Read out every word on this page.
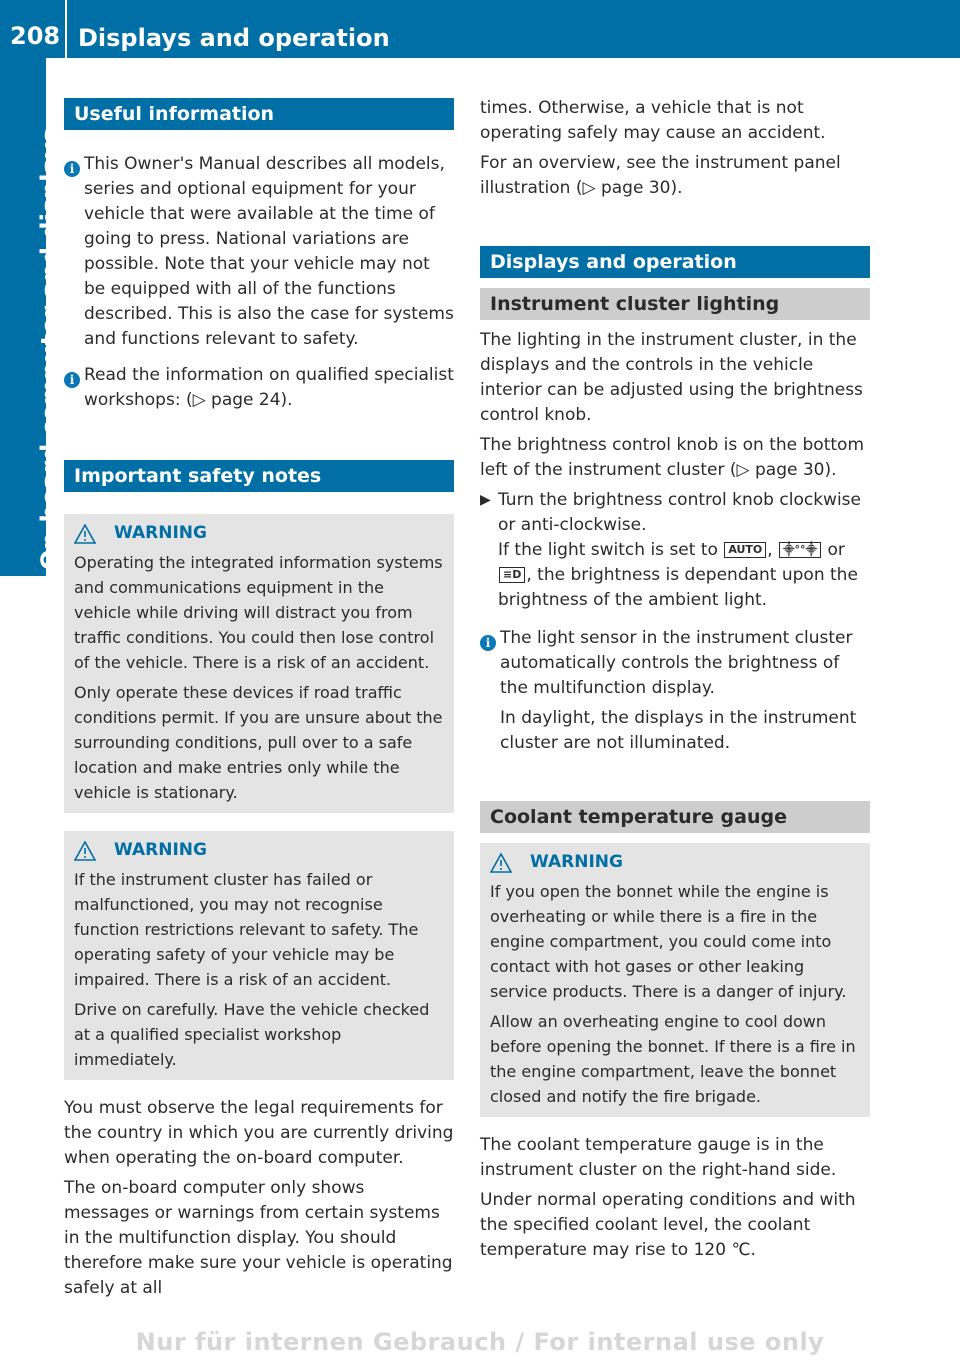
208 Displays and operation
On-board computer and displays
Useful information
i This Owner's Manual describes all models, series and optional equipment for your vehicle that were available at the time of going to press. National variations are possible. Note that your vehicle may not be equipped with all of the functions described. This is also the case for systems and functions relevant to safety.
i Read the information on qualified specialist workshops: (▷ page 24).
Important safety notes
WARNING
Operating the integrated information systems and communications equipment in the vehicle while driving will distract you from traffic conditions. You could then lose control of the vehicle. There is a risk of an accident.
Only operate these devices if road traffic conditions permit. If you are unsure about the surrounding conditions, pull over to a safe location and make entries only while the vehicle is stationary.
WARNING
If the instrument cluster has failed or malfunctioned, you may not recognise function restrictions relevant to safety. The operating safety of your vehicle may be impaired. There is a risk of an accident.
Drive on carefully. Have the vehicle checked at a qualified specialist workshop immediately.
You must observe the legal requirements for the country in which you are currently driving when operating the on-board computer.
The on-board computer only shows messages or warnings from certain systems in the multifunction display. You should therefore make sure your vehicle is operating safely at all
times. Otherwise, a vehicle that is not operating safely may cause an accident.
For an overview, see the instrument panel illustration (▷ page 30).
Displays and operation
Instrument cluster lighting
The lighting in the instrument cluster, in the displays and the controls in the vehicle interior can be adjusted using the brightness control knob.
The brightness control knob is on the bottom left of the instrument cluster (▷ page 30).
▶ Turn the brightness control knob clockwise or anti-clockwise.
If the light switch is set to AUTO , ⸎°°⸎ or ≡D , the brightness is dependant upon the brightness of the ambient light.
i The light sensor in the instrument cluster automatically controls the brightness of the multifunction display.
In daylight, the displays in the instrument cluster are not illuminated.
Coolant temperature gauge
WARNING
If you open the bonnet while the engine is overheating or while there is a fire in the engine compartment, you could come into contact with hot gases or other leaking service products. There is a danger of injury.
Allow an overheating engine to cool down before opening the bonnet. If there is a fire in the engine compartment, leave the bonnet closed and notify the fire brigade.
The coolant temperature gauge is in the instrument cluster on the right-hand side.
Under normal operating conditions and with the specified coolant level, the coolant temperature may rise to 120 ℃.
Nur für internen Gebrauch / For internal use only
